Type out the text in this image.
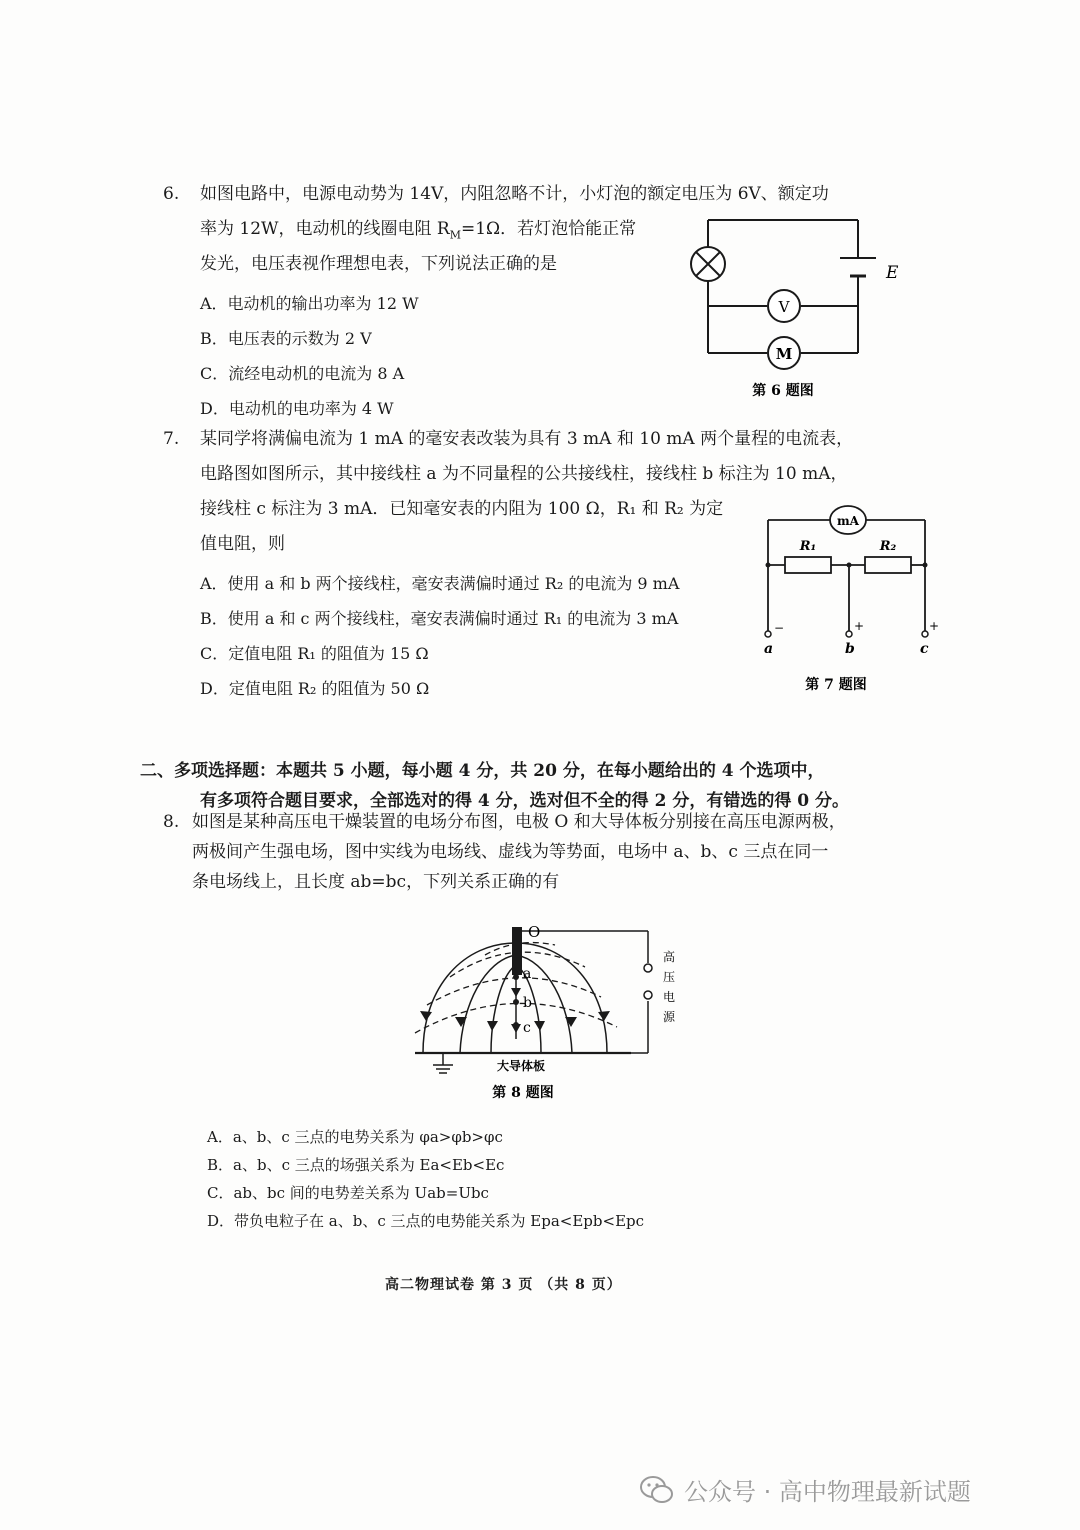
6. 如图电路中，电源电动势为 14V，内阻忽略不计，小灯泡的额定电压为 6V、额定功
率为 12W，电动机的线圈电阻 $R_M=1\Omega$．若灯泡恰能正常
发光，电压表视作理想电表，下列说法正确的是
A．电动机的输出功率为 12 W
B．电压表的示数为 2 V
C．流经电动机的电流为 8 A
D．电动机的电功率为 4 W
E
V
M
第 6 题图
7. 某同学将满偏电流为 1 mA 的毫安表改装为具有 3 mA 和 10 mA 两个量程的电流表，
电路图如图所示，其中接线柱 a 为不同量程的公共接线柱，接线柱 b 标注为 10 mA，
接线柱 c 标注为 3 mA．已知毫安表的内阻为 100 Ω，R₁ 和 R₂ 为定
值电阻，则
A．使用 a 和 b 两个接线柱，毫安表满偏时通过 R₂ 的电流为 9 mA
B．使用 a 和 c 两个接线柱，毫安表满偏时通过 R₁ 的电流为 3 mA
C．定值电阻 R₁ 的阻值为 15 Ω
D．定值电阻 R₂ 的阻值为 50 Ω
mA
R₁	R₂
−	+	+
a	b	c
第 7 题图
二、多项选择题：本题共 5 小题，每小题 4 分，共 20 分，在每小题给出的 4 个选项中，
有多项符合题目要求，全部选对的得 4 分，选对但不全的得 2 分，有错选的得 0 分。
8. 如图是某种高压电干燥装置的电场分布图，电极 O 和大导体板分别接在高压电源两极，
两极间产生强电场，图中实线为电场线、虚线为等势面，电场中 a、b、c 三点在同一
条电场线上，且长度 ab=bc，下列关系正确的有
O
a
b
c
高
压
电
源
大导体板
第 8 题图
A．a、b、c 三点的电势关系为 φa>φb>φc
B．a、b、c 三点的场强关系为 Ea<Eb<Ec
C．ab、bc 间的电势差关系为 Uab=Ubc
D．带负电粒子在 a、b、c 三点的电势能关系为 Epa<Epb<Epc
高二物理试卷 第 3 页 （共 8 页）
公众号 · 高中物理最新试题
